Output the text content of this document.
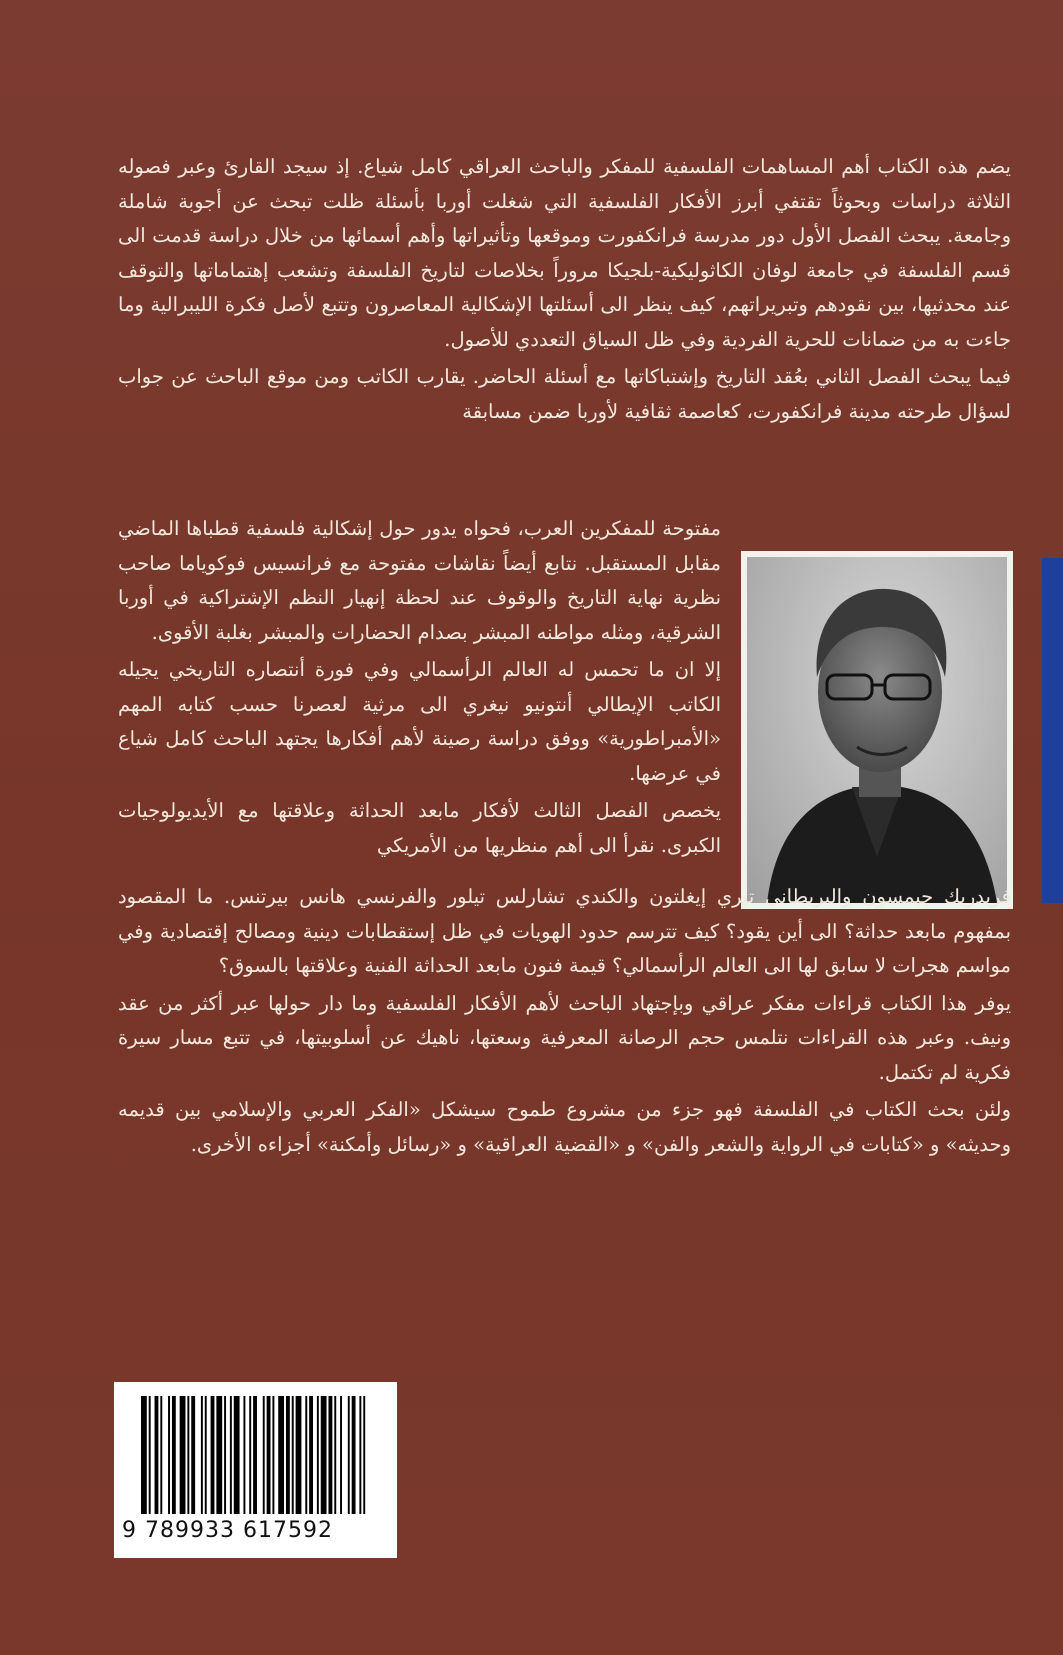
يضم هذه الكتاب أهم المساهمات الفلسفية للمفكر والباحث العراقي كامل شياع. إذ سيجد القارئ وعبر فصوله الثلاثة دراسات وبحوثاً تقتفي أبرز الأفكار الفلسفية التي شغلت أوربا بأسئلة ظلت تبحث عن أجوبة شاملة وجامعة. يبحث الفصل الأول دور مدرسة فرانكفورت وموقعها وتأثيراتها وأهم أسمائها من خلال دراسة قدمت الى قسم الفلسفة في جامعة لوفان الكاثوليكية-بلجيكا مروراً بخلاصات لتاريخ الفلسفة وتشعب إهتماماتها والتوقف عند محدثيها، بين نقودهم وتبريراتهم، كيف ينظر الى أسئلتها الإشكالية المعاصرون وتتبع لأصل فكرة الليبرالية وما جاءت به من ضمانات للحرية الفردية وفي ظل السياق التعددي للأصول.

فيما يبحث الفصل الثاني بعُقد التاريخ وإشتباكاتها مع أسئلة الحاضر. يقارب الكاتب ومن موقع الباحث عن جواب لسؤال طرحته مدينة فرانكفورت، كعاصمة ثقافية لأوربا ضمن مسابقة

مفتوحة للمفكرين العرب، فحواه يدور حول إشكالية فلسفية قطباها الماضي مقابل المستقبل. نتابع أيضاً نقاشات مفتوحة مع فرانسيس فوكوياما صاحب نظرية نهاية التاريخ والوقوف عند لحظة إنهيار النظم الإشتراكية في أوربا الشرقية، ومثله مواطنه المبشر بصدام الحضارات والمبشر بغلبة الأقوى.

إلا ان ما تحمس له العالم الرأسمالي وفي فورة أنتصاره التاريخي يجيله الكاتب الإيطالي أنتونيو نيغري الى مرثية لعصرنا حسب كتابه المهم «الأمبراطورية» ووفق دراسة رصينة لأهم أفكارها يجتهد الباحث كامل شياع في عرضها.

يخصص الفصل الثالث لأفكار مابعد الحداثة وعلاقتها مع الأيديولوجيات الكبرى. نقرأ الى أهم منظريها من الأمريكي

فريدريك جيمسون والبريطاني تيري إيغلتون والكندي تشارلس تيلور والفرنسي هانس بيرتنس. ما المقصود بمفهوم مابعد حداثة؟ الى أين يقود؟ كيف تترسم حدود الهويات في ظل إستقطابات دينية ومصالح إقتصادية وفي مواسم هجرات لا سابق لها الى العالم الرأسمالي؟ قيمة فنون مابعد الحداثة الفنية وعلاقتها بالسوق؟

يوفر هذا الكتاب قراءات مفكر عراقي وبإجتهاد الباحث لأهم الأفكار الفلسفية وما دار حولها عبر أكثر من عقد ونيف. وعبر هذه القراءات نتلمس حجم الرصانة المعرفية وسعتها، ناهيك عن أسلوبيتها، في تتبع مسار سيرة فكرية لم تكتمل.

ولئن بحث الكتاب في الفلسفة فهو جزء من مشروع طموح سيشكل «الفكر العربي والإسلامي بين قديمه وحديثه» و «كتابات في الرواية والشعر والفن» و «القضية العراقية» و «رسائل وأمكنة» أجزاءه الأخرى.

9 789933 617592
